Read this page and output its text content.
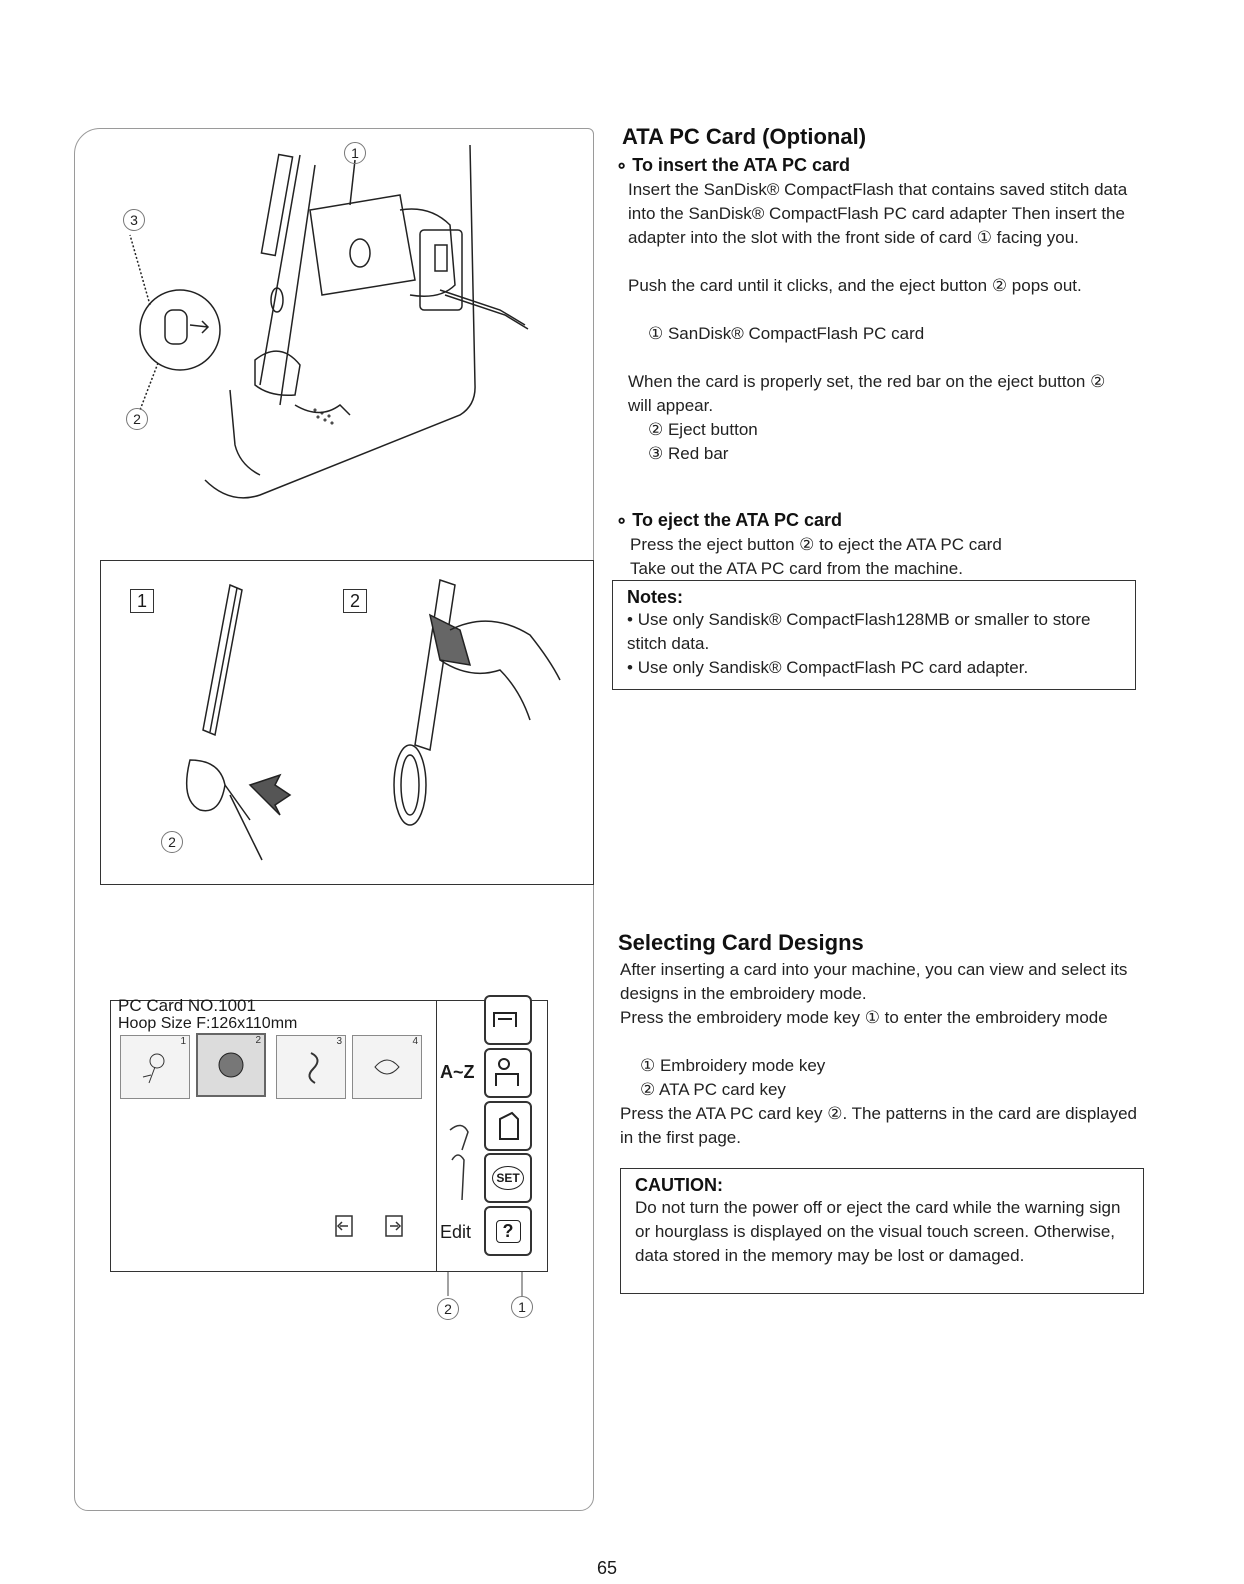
1
3
2
1	2
2
PC Card NO.1001
Hoop Size F:126x110mm
1	2	3	4
A~Z
Edit
SET
?
2	1
ATA PC Card (Optional)
∘ To insert the ATA PC card
Insert the SanDisk® CompactFlash that contains saved stitch data into the SanDisk® CompactFlash PC card adapter Then insert the adapter into the slot with the front side of card ① facing you.
Push the card until it clicks, and the eject button ② pops out.
① SanDisk® CompactFlash PC card
When the card is properly set, the red bar on the eject button ② will appear.
② Eject button
③ Red bar
∘ To eject the ATA PC card
Press the eject button ② to eject the ATA PC card
Take out the ATA PC card from the machine.
Notes:
• Use only Sandisk® CompactFlash128MB or smaller to store stitch data.
• Use only Sandisk® CompactFlash PC card adapter.
Selecting Card Designs
After inserting a card into your machine, you can view and select its designs in the embroidery mode.
Press the embroidery mode key ① to enter the embroidery mode
① Embroidery mode key
② ATA PC card key
Press the ATA PC card key ②. The patterns in the card are displayed in the first page.
CAUTION:
Do not turn the power off or eject the card while the warning sign or hourglass is displayed on the visual touch screen. Otherwise, data stored in the memory may be lost or damaged.
65
